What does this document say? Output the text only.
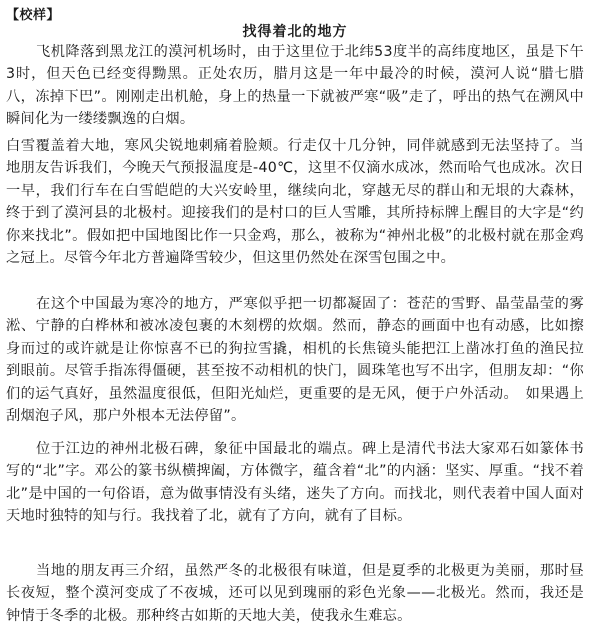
【校样】
找得着北的地方

飞机降落到黑龙江的漠河机场时，由于这里位于北纬53度半的高纬度地区，虽是下午3时，但天色已经变得黝黑。正处农历，腊月这是一年中最冷的时候，漠河人说“腊七腊八，冻掉下巴”。刚刚走出机舱，身上的热量一下就被严寒“吸”走了，呼出的热气在溯风中瞬间化为一缕缕飘逸的白烟。

白雪覆盖着大地，寒风尖锐地刺痛着脸颊。行走仅十几分钟，同伴就感到无法坚持了。当地朋友告诉我们，今晚天气预报温度是-40℃，这里不仅滴水成冰，然而哈气也成冰。次日一早，我们行车在白雪皑皑的大兴安岭里，继续向北，穿越无尽的群山和无垠的大森林，终于到了漠河县的北极村。迎接我们的是村口的巨人雪雕，其所持标牌上醒目的大字是“约你来找北”。假如把中国地图比作一只金鸡，那么，被称为“神州北极”的北极村就在那金鸡之冠上。尽管今年北方普遍降雪较少，但这里仍然处在深雪包围之中。

在这个中国最为寒冷的地方，严寒似乎把一切都凝固了：苍茫的雪野、晶莹晶莹的雾淞、宁静的白桦林和被冰凌包裹的木刻楞的炊烟。然而，静态的画面中也有动感，比如擦身而过的或许就是让你惊喜不已的狗拉雪撬，相机的长焦镜头能把江上凿冰打鱼的渔民拉到眼前。尽管手指冻得僵硬，甚至按不动相机的快门，圆珠笔也写不出字，但朋友却：“你们的运气真好，虽然温度很低，但阳光灿烂，更重要的是无风，便于户外活动。　如果遇上刮烟泡子风，那户外根本无法停留”。

位于江边的神州北极石碑，象征中国最北的端点。碑上是清代书法大家邓石如篆体书写的“北”字。邓公的篆书纵横捭阖，方体微字，蕴含着“北”的内涵：坚实、厚重。“找不着北”是中国的一句俗语，意为做事情没有头绪，迷失了方向。而找北，则代表着中国人面对天地时独特的知与行。我找着了北，就有了方向，就有了目标。

当地的朋友再三介绍，虽然严冬的北极很有味道，但是夏季的北极更为美丽，那时昼长夜短，整个漠河变成了不夜城，还可以见到瑰丽的彩色光象——北极光。然而，我还是钟情于冬季的北极。那种终古如斯的天地大美，使我永生难忘。
